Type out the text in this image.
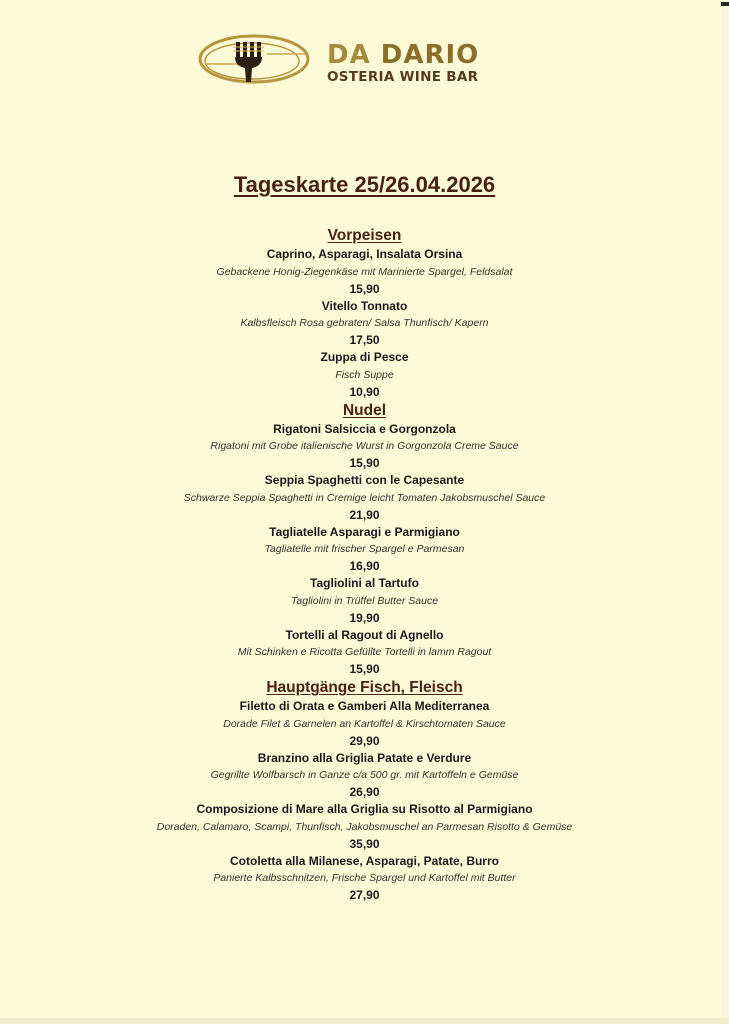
DA DARIO
OSTERIA WINE BAR
Tageskarte 25/26.04.2026
Vorpeisen
Caprino, Asparagi, Insalata Orsina
Gebackene Honig-Ziegenkäse mit Marinierte Spargel, Feldsalat
15,90
Vitello Tonnato
Kalbsfleisch Rosa gebraten/ Salsa Thunfisch/ Kapern
17,50
Zuppa di Pesce
Fisch Suppe
10,90
Nudel
Rigatoni Salsiccia e Gorgonzola
Rigatoni mit Grobe italienische Wurst in Gorgonzola Creme Sauce
15,90
Seppia Spaghetti con le Capesante
Schwarze Seppia Spaghetti in Cremige leicht Tomaten Jakobsmuschel Sauce
21,90
Tagliatelle Asparagi e Parmigiano
Tagliatelle mit frischer Spargel e Parmesan
16,90
Tagliolini al Tartufo
Tagliolini in Trüffel Butter Sauce
19,90
Tortelli al Ragout di Agnello
Mit Schinken e Ricotta Gefüllte Tortelli in lamm Ragout
15,90
Hauptgänge Fisch, Fleisch
Filetto di Orata e Gamberi Alla Mediterranea
Dorade Filet & Garnelen an Kartoffel & Kirschtomaten Sauce
29,90
Branzino alla Griglia Patate e Verdure
Gegrillte Wolfbarsch in Ganze c/a 500 gr. mit Kartoffeln e Gemüse
26,90
Composizione di Mare alla Griglia su Risotto al Parmigiano
Doraden, Calamaro, Scampi, Thunfisch, Jakobsmuschel an Parmesan Risotto & Gemüse
35,90
Cotoletta alla Milanese, Asparagi, Patate, Burro
Panierte Kalbsschnitzen, Frische Spargel und Kartoffel mit Butter
27,90
